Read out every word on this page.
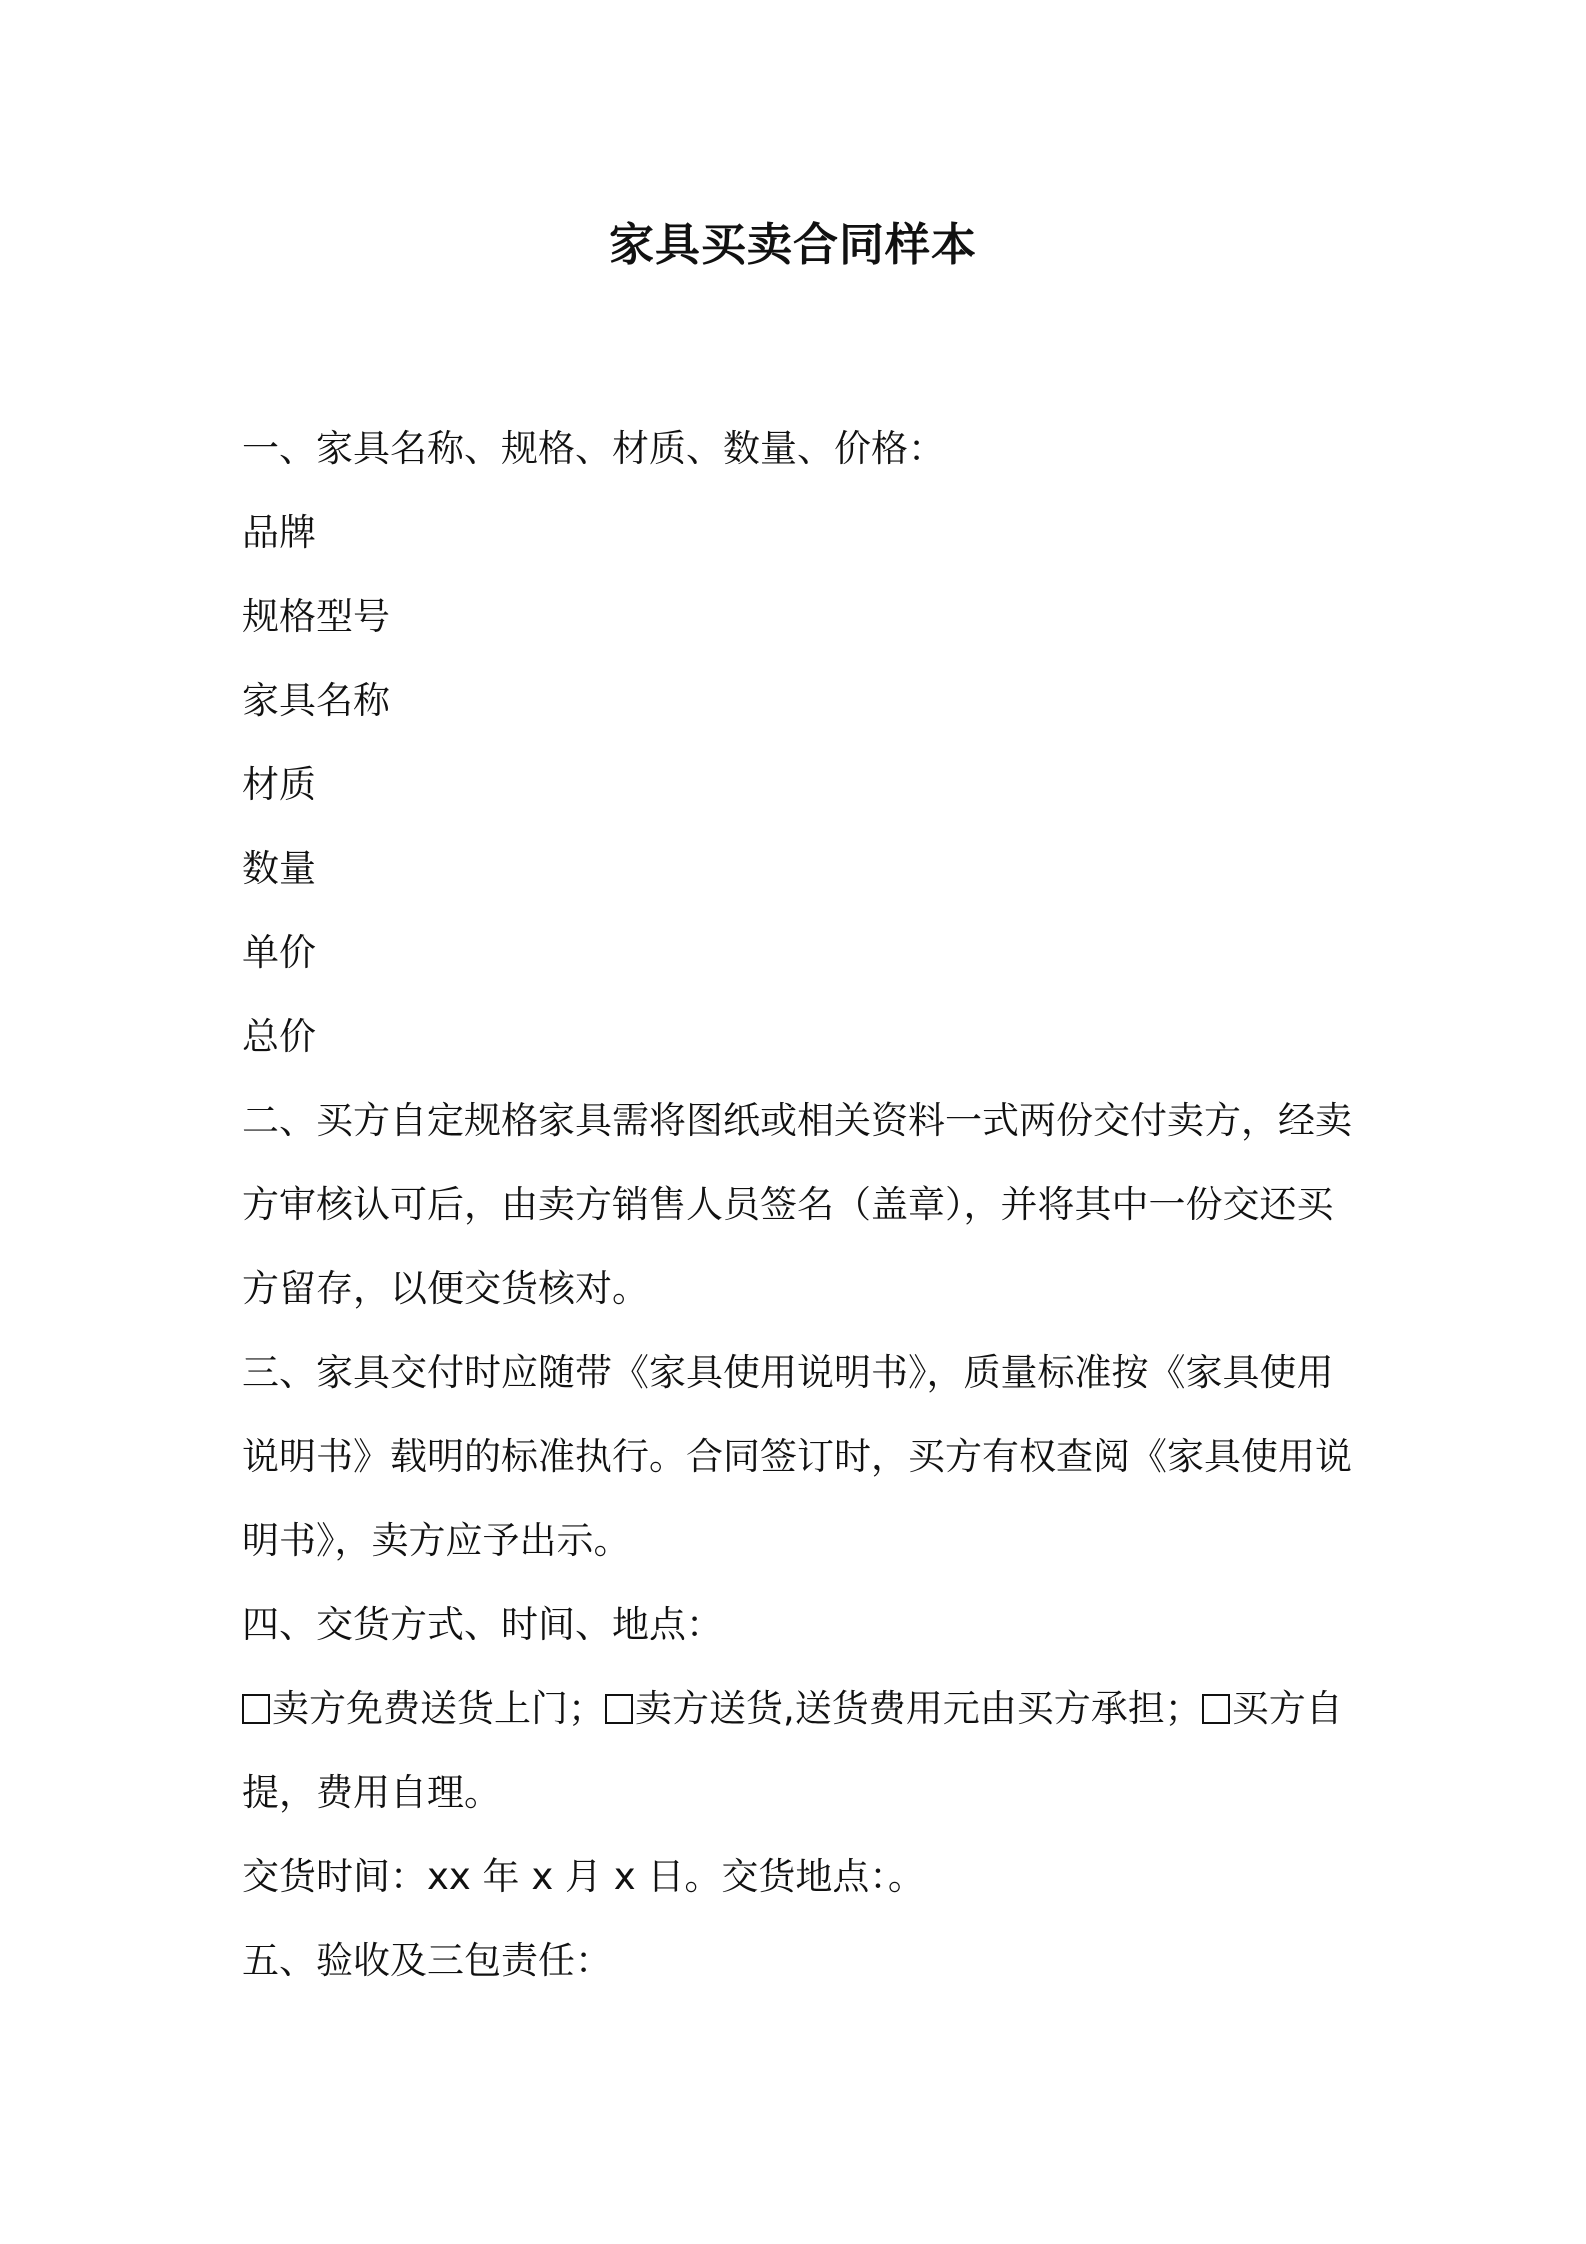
家具买卖合同样本

一、家具名称、规格、材质、数量、价格：

品牌

规格型号

家具名称

材质

数量

单价

总价

二、买方自定规格家具需将图纸或相关资料一式两份交付卖方，经卖方审核认可后，由卖方销售人员签名（盖章），并将其中一份交还买方留存，以便交货核对。

三、家具交付时应随带《家具使用说明书》，质量标准按《家具使用说明书》载明的标准执行。合同签订时，买方有权查阅《家具使用说明书》，卖方应予出示。

四、交货方式、时间、地点：

卖方免费送货上门； 卖方送货,送货费用元由买方承担； 买方自提，费用自理。

交货时间：xx 年 x 月 x 日。交货地点：。

五、验收及三包责任：
